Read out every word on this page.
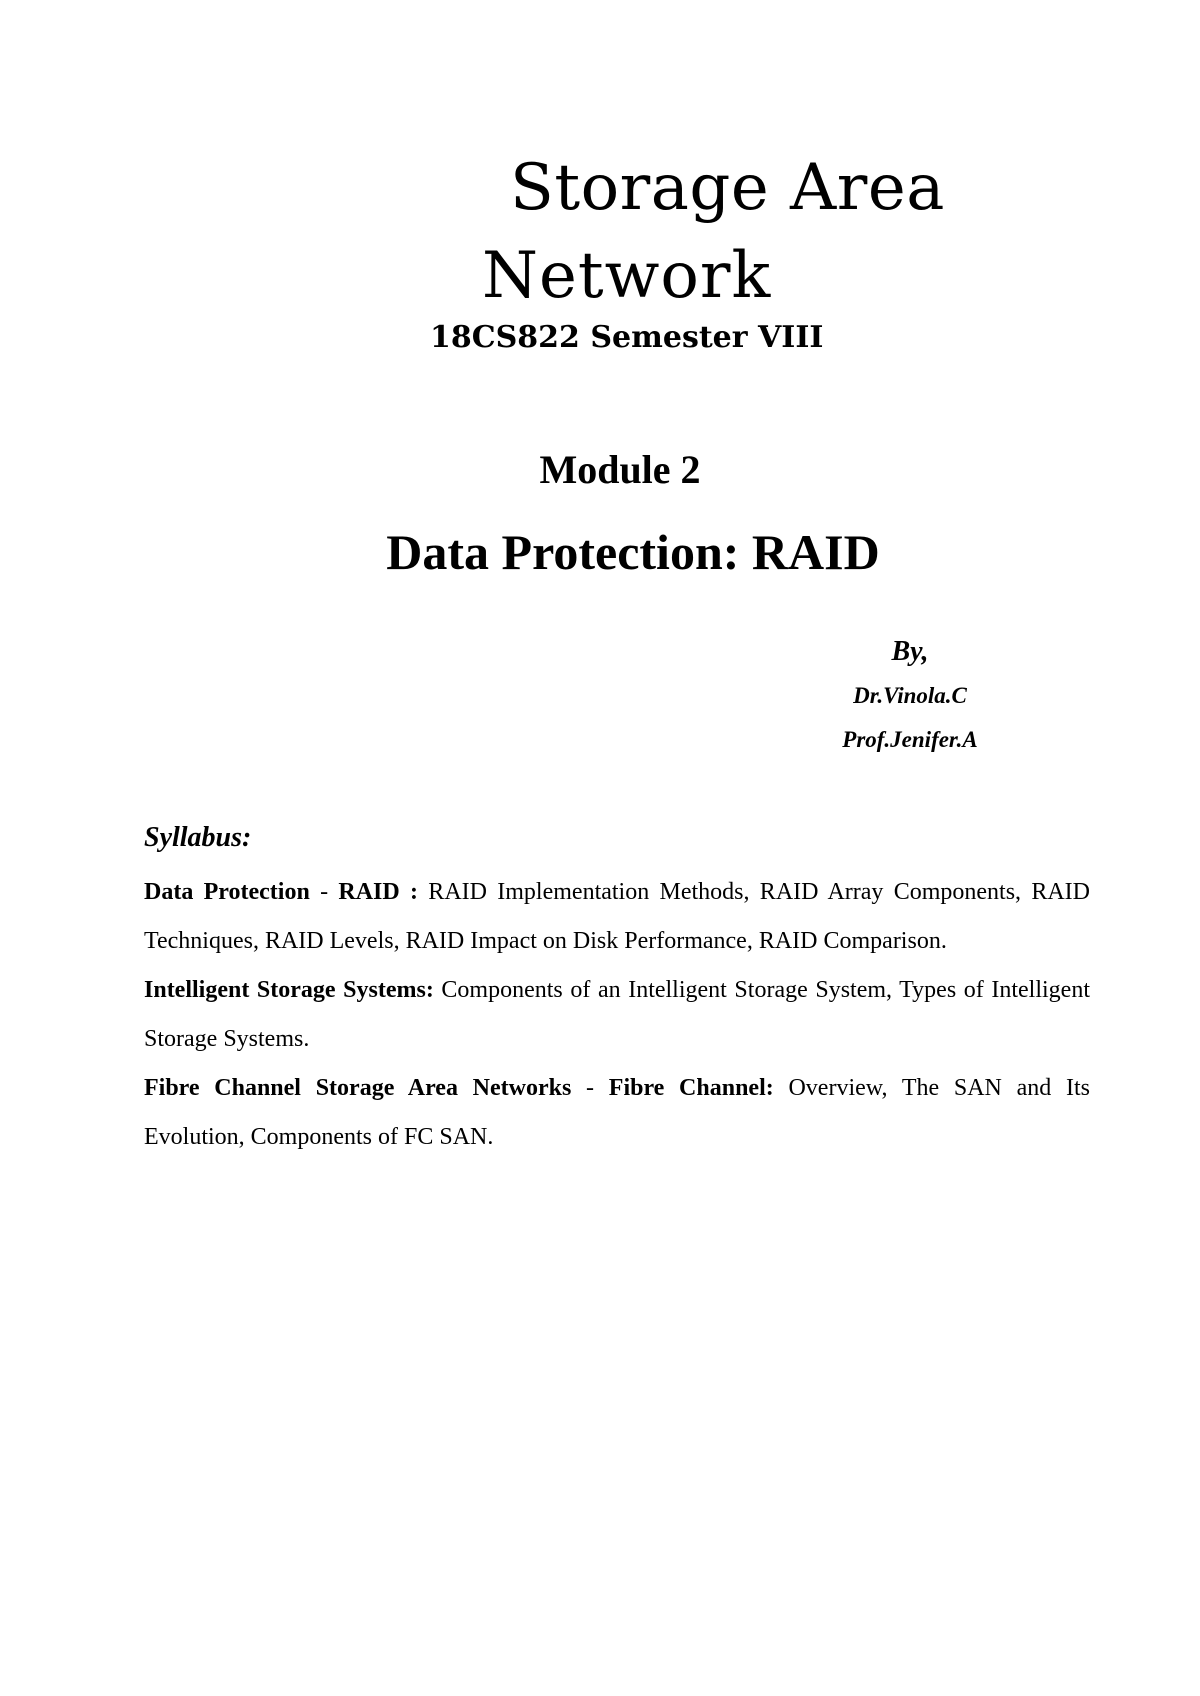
Storage Area
Network
18CS822 Semester VIII
Module 2
Data Protection: RAID
By,
Dr.Vinola.C
Prof.Jenifer.A
Syllabus:

Data Protection - RAID : RAID Implementation Methods, RAID Array Components, RAID Techniques, RAID Levels, RAID Impact on Disk Performance, RAID Comparison.

Intelligent Storage Systems: Components of an Intelligent Storage System, Types of Intelligent Storage Systems.

Fibre Channel Storage Area Networks - Fibre Channel: Overview, The SAN and Its Evolution, Components of FC SAN.
